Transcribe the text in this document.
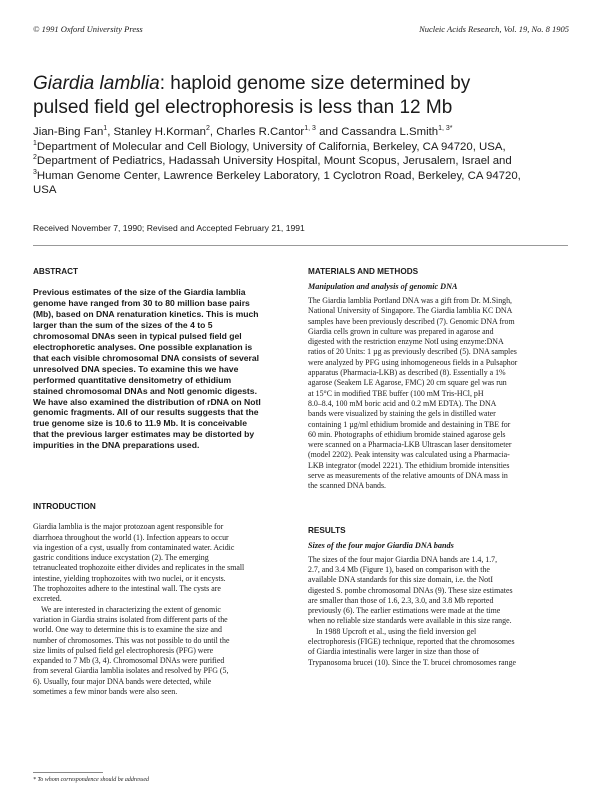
© 1991 Oxford University Press	Nucleic Acids Research, Vol. 19, No. 8 1905
Giardia lamblia: haploid genome size determined by
pulsed field gel electrophoresis is less than 12 Mb
Jian-Bing Fan$^1$, Stanley H.Korman$^2$, Charles R.Cantor$^{1, 3}$ and Cassandra L.Smith$^{1, 3*}$
$^1$Department of Molecular and Cell Biology, University of California, Berkeley, CA 94720, USA,
$^2$Department of Pediatrics, Hadassah University Hospital, Mount Scopus, Jerusalem, Israel and
$^3$Human Genome Center, Lawrence Berkeley Laboratory, 1 Cyclotron Road, Berkeley, CA 94720,
USA
Received November 7, 1990; Revised and Accepted February 21, 1991
ABSTRACT
Previous estimates of the size of the Giardia lamblia
genome have ranged from 30 to 80 million base pairs
(Mb), based on DNA renaturation kinetics. This is much
larger than the sum of the sizes of the 4 to 5
chromosomal DNAs seen in typical pulsed field gel
electrophoretic analyses. One possible explanation is
that each visible chromosomal DNA consists of several
unresolved DNA species. To examine this we have
performed quantitative densitometry of ethidium
stained chromosomal DNAs and NotI genomic digests.
We have also examined the distribution of rDNA on NotI
genomic fragments. All of our results suggests that the
true genome size is 10.6 to 11.9 Mb. It is conceivable
that the previous larger estimates may be distorted by
impurities in the DNA preparations used.
INTRODUCTION
Giardia lamblia is the major protozoan agent responsible for
diarrhoea throughout the world (1). Infection appears to occur
via ingestion of a cyst, usually from contaminated water. Acidic
gastric conditions induce excystation (2). The emerging
tetranucleated trophozoite either divides and replicates in the small
intestine, yielding trophozoites with two nuclei, or it encysts.
The trophozoites adhere to the intestinal wall. The cysts are
excreted.
We are interested in characterizing the extent of genomic
variation in Giardia strains isolated from different parts of the
world. One way to determine this is to examine the size and
number of chromosomes. This was not possible to do until the
size limits of pulsed field gel electrophoresis (PFG) were
expanded to 7 Mb (3, 4). Chromosomal DNAs were purified
from several Giardia lamblia isolates and resolved by PFG (5,
6). Usually, four major DNA bands were detected, while
sometimes a few minor bands were also seen.
MATERIALS AND METHODS
Manipulation and analysis of genomic DNA
The Giardia lamblia Portland DNA was a gift from Dr. M.Singh,
National University of Singapore. The Giardia lamblia KC DNA
samples have been previously described (7). Genomic DNA from
Giardia cells grown in culture was prepared in agarose and
digested with the restriction enzyme NotI using enzyme:DNA
ratios of 20 Units: 1 µg as previously described (5). DNA samples
were analyzed by PFG using inhomogeneous fields in a Pulsaphor
apparatus (Pharmacia-LKB) as described (8). Essentially a 1%
agarose (Seakem LE Agarose, FMC) 20 cm square gel was run
at 15°C in modified TBE buffer (100 mM Tris-HCl, pH
8.0–8.4, 100 mM boric acid and 0.2 mM EDTA). The DNA
bands were visualized by staining the gels in distilled water
containing 1 µg/ml ethidium bromide and destaining in TBE for
60 min. Photographs of ethidium bromide stained agarose gels
were scanned on a Pharmacia-LKB Ultrascan laser densitometer
(model 2202). Peak intensity was calculated using a Pharmacia-
LKB integrator (model 2221). The ethidium bromide intensities
serve as measurements of the relative amounts of DNA mass in
the scanned DNA bands.
RESULTS
Sizes of the four major Giardia DNA bands
The sizes of the four major Giardia DNA bands are 1.4, 1.7,
2.7, and 3.4 Mb (Figure 1), based on comparison with the
available DNA standards for this size domain, i.e. the NotI
digested S. pombe chromosomal DNAs (9). These size estimates
are smaller than those of 1.6, 2.3, 3.0, and 3.8 Mb reported
previously (6). The earlier estimations were made at the time
when no reliable size standards were available in this size range.
In 1988 Upcroft et al., using the field inversion gel
electrophoresis (FIGE) technique, reported that the chromosomes
of Giardia intestinalis were larger in size than those of
Trypanosoma brucei (10). Since the T. brucei chromosomes range
* To whom correspondence should be addressed
